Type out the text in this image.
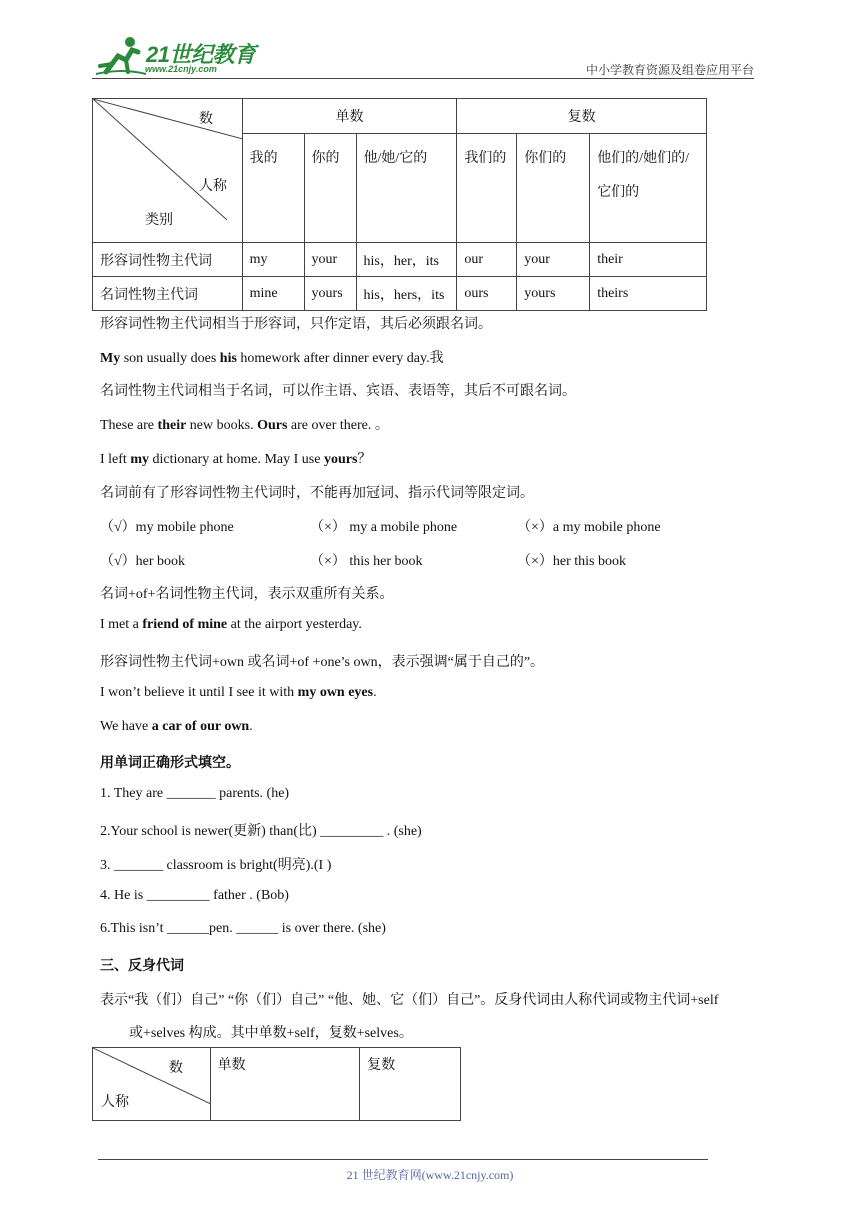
21世纪教育
www.21cnjy.com	中小学教育资源及组卷应用平台
数
人称
类别	单数			复数		
	我的	你的	他/她/它的	我们的	你们的	他们的/她们的/它们的
形容词性物主代词	my	your	his，her，its	our	your	their
名词性物主代词	mine	yours	his，hers，its	ours	yours	theirs
形容词性物主代词相当于形容词，只作定语，其后必须跟名词。
My son usually does his homework after dinner every day.我
名词性物主代词相当于名词，可以作主语、宾语、表语等，其后不可跟名词。
These are their new books. Ours are over there. 。
I left my dictionary at home. May I use yours？
名词前有了形容词性物主代词时，不能再加冠词、指示代词等限定词。
（√）my mobile phone	（×） my a mobile phone	（×）a my mobile phone
（√）her book	（×） this her book	（×）her this book
名词+of+名词性物主代词，表示双重所有关系。
I met a friend of mine at the airport yesterday.
形容词性物主代词+own 或名词+of +one’s own，表示强调“属于自己的”。
I won’t believe it until I see it with my own eyes.
We have a car of our own.
用单词正确形式填空。
1. They are _______ parents. (he)
2.Your school is newer(更新) than(比) _________ . (she)
3. _______ classroom is bright(明亮).(I )
4. He is _________ father . (Bob)
6.This isn’t ______pen. ______ is over there. (she)
三、反身代词
表示“我（们）自己” “你（们）自己” “他、她、它（们）自己”。反身代词由人称代词或物主代词+self
或+selves 构成。其中单数+self，复数+selves。
数
人称
	单数	复数
21 世纪教育网(www.21cnjy.com)
